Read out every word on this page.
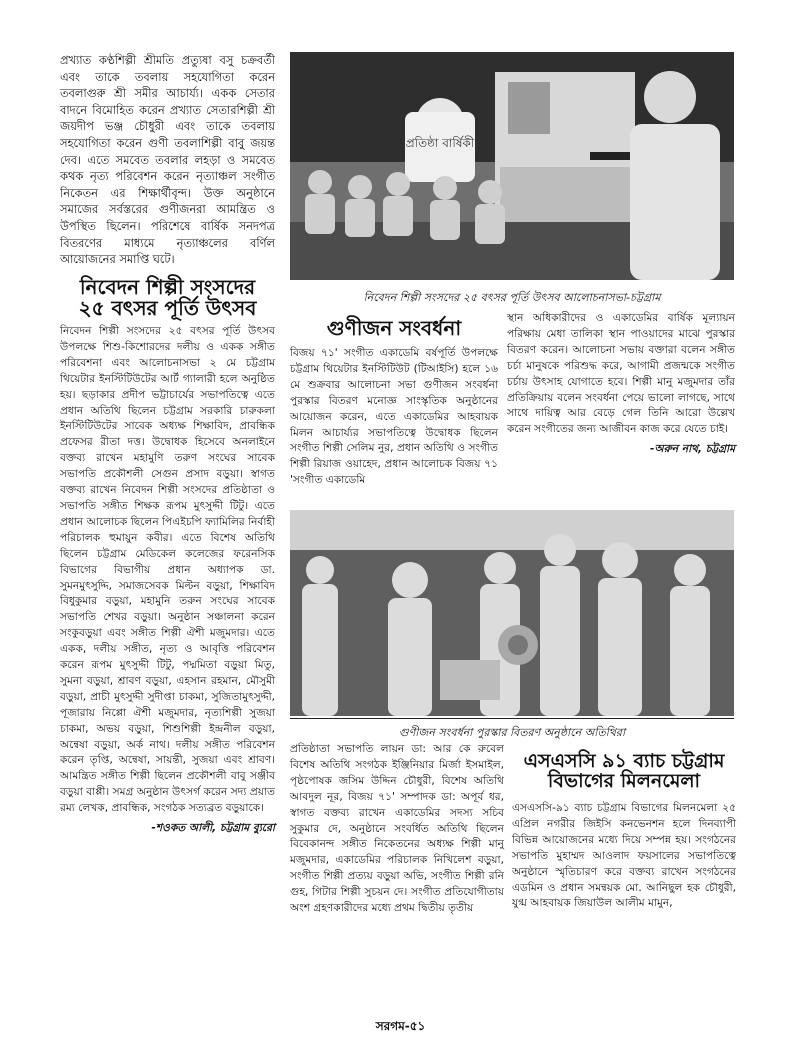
প্রখ্যাত কণ্ঠশিল্পী শ্রীমতি প্রত্যুষা বসু চক্রবর্তী এবং তাকে তবলায় সহযোগিতা করেন তবলাগুরু শ্রী সমীর আচার্য্য। একক সেতার বাদনে বিমোহিত করেন প্রখ্যাত সেতারশিল্পী শ্রী জয়দীপ ভঞ্জ চৌধুরী এবং তাকে তবলায় সহযোগিতা করেন গুণী তবলাশিল্পী বাবু জয়ন্ত দেব। এতে সমবেত তবলার লহড়া ও সমবেত কথক নৃত্য পরিবেশন করেন নৃত্যাঞ্চল সংগীত নিকেতন এর শিক্ষার্থীবৃন্দ। উক্ত অনুষ্ঠানে সমাজের সর্বস্তরের গুণীজনরা আমন্ত্রিত ও উপস্থিত ছিলেন। পরিশেষে বার্ষিক সনদপত্র বিতরণের মাধ্যমে নৃত্যাঞ্চলের বর্ণিল আয়োজনের সমাপ্তি ঘটে।

নিবেদন শিল্পী সংসদের
২৫ বৎসর পূর্তি উৎসব

নিবেদন শিল্পী সংসদের ২৫ বৎসর পূর্তি উৎসব উপলক্ষে শিশু-কিশোরদের দলীয় ও একক সঙ্গীত পরিবেশনা এবং আলোচনাসভা ২ মে চট্টগ্রাম থিয়েটার ইনস্টিটিউটের আর্ট গ্যালারী হলে অনুষ্ঠিত হয়। ছড়াকার প্রদীপ ভট্টাচার্যের সভাপতিত্বে এতে প্রধান অতিথি ছিলেন চট্টগ্রাম সরকারি চারুকলা ইনস্টিটিউটের সাবেক অধ্যক্ষ শিক্ষাবিদ, প্রাবন্ধিক প্রফেসর রীতা দত্ত। উদ্বোধক হিসেবে অনলাইনে বক্তব্য রাখেন মহামুণি তরুণ সংঘের সাবেক সভাপতি প্রকৌশলী সেগুন প্রসাদ বড়ুয়া। স্বাগত বক্তব্য রাখেন নিবেদন শিল্পী সংসদের প্রতিষ্ঠাতা ও সভাপতি সঙ্গীত শিক্ষক রূপম মুৎসুদ্দী টিটু। এতে প্রধান আলোচক ছিলেন পিএইচপি ফ্যামিলির নির্বাহী পরিচালক হুমায়ুন কবীর। এতে বিশেষ অতিথি ছিলেন চট্টগ্রাম মেডিকেল কলেজের ফরেনসিক বিভাগের বিভাগীয় প্রধান অধ্যাপক ডা. সুমনমুৎসুদ্দি, সমাজসেবক মিল্টন বড়ুয়া, শিক্ষাবিদ বিধুকুমার বড়ুয়া, মহামুনি তরুন সংঘের সাবেক সভাপতি শেখর বড়ুয়া। অনুষ্ঠান সঞ্চালনা করেন সংকুবড়ুয়া এবং সঙ্গীত শিল্পী ঐশী মজুমদার। এতে একক, দলীয় সঙ্গীত, নৃত্য ও আবৃত্তি পরিবেশন করেন রূপম মুৎসুদ্দী টিটু, পদ্মমিতা বড়ুয়া মিতু, সুমনা বড়ুয়া, শ্রাবণ বড়ুয়া, এহসান রহমান, মৌসুমী বড়ুয়া, প্রাচী মুৎসুদ্দী সুদীপ্তা চাকমা, সুজিতামুৎসুদ্দী, পূজারায় নিপ্পো ঐশী মজুমদার, নৃত্যশিল্পী সুজয়া চাকমা, অভয় বড়ুয়া, শিশুশিল্পী ইন্দ্রনীল বড়ুয়া, অন্বেষা বড়ুয়া, অর্ক নাথ। দলীয় সঙ্গীত পরিবেশন করেন তৃপ্তি, অন্বেষা, সায়ন্তী, সুজয়া এবং শ্রাবণ। আমন্ত্রিত সঙ্গীত শিল্পী ছিলেন প্রকৌশলী বাবু সঞ্জীব বড়ুয়া বাপ্পী। সমগ্র অনুষ্ঠান উৎসর্গ করেন সদ্য প্রয়াত রম্য লেখক, প্রাবন্ধিক, সংগঠক সত্যব্রত বড়ুয়াকে।

-শওকত আলী, চট্টগ্রাম ব্যুরো

প্রতিষ্ঠা বার্ষিকী
নিবেদন শিল্পী সংসদের ২৫ বৎসর পূর্তি উৎসব আলোচনাসভা-চট্টগ্রাম
গুণীজন সংবর্ধনা

বিজয় ৭১' সংগীত একাডেমি বর্ষপূর্তি উপলক্ষে চট্টগ্রাম থিয়েটার ইনস্টিটিউট (টিআইসি) হলে ১৬ মে শুক্রবার আলোচনা সভা গুণীজন সংবর্ধনা পুরস্কার বিতরণ মনোজ্ঞ সাংস্কৃতিক অনুষ্ঠানের আয়োজন করেন, এতে একাডেমির আহবায়ক মিলন আচার্য্যর সভাপতিত্বে উদ্বোধক ছিলেন সংগীত শিল্পী সেলিম নুর, প্রধান অতিথি ও সংগীত শিল্পী রিয়াজ ওয়াহেদ, প্রধান আলোচক বিজয় ৭১ 'সংগীত একাডেমি

স্থান অধিকারীদের ও একাডেমির বার্ষিক মূল্যায়ন পরিক্ষায় মেধা তালিকা স্থান পাওয়াদের মাঝে পুরস্কার বিতরণ করেন। আলোচনা সভায় বক্তারা বলেন সঙ্গীত চর্চা মানুষকে পরিশুদ্ধ করে, আগামী প্রজন্মকে সংগীত চর্চায় উৎসাহ যোগাতে হবে। শিল্পী মানু মজুমদার তাঁর প্রতিক্রিয়ায় বলেন সংবর্ধনা পেয়ে ভালো লাগছে, সাথে সাথে দায়িত্ব আর বেড়ে গেল তিনি আরো উল্লেখ করেন সংগীতের জন্য আজীবন কাজ করে যেতে চাই।

-অরুন নাথ, চট্টগ্রাম

গুণীজন সংবর্ধনা পুরস্কার বিতরণ অনুষ্ঠানে অতিথিরা

প্রতিষ্ঠাতা সভাপতি লায়ন ডা: আর কে রুবেল বিশেষ অতিথি সংগঠক ইঞ্জিনিয়ার মির্জা ইসমাইল, পৃষ্ঠপোষক জসিম উদ্দিন চৌধুরী, বিশেষ অতিথি আবদুল নূর, বিজয় ৭১' সম্পাদক ডা: অপূর্ব ধর, স্বাগত বক্তব্য রাখেন একাডেমির সদস্য সচিব সুকুমার দে, অনুষ্ঠানে সংবর্ধিত অতিথি ছিলেন বিবেকানন্দ সঙ্গীত নিকেতনের অধ্যক্ষ শিল্পী মানু মজুমদার, একাডেমির পরিচালক নিখিলেশ বড়ুয়া, সংগীত শিল্পী প্রত্যয় বড়ুয়া অভি, সংগীত শিল্পী রনি গুহ, গিটার শিল্পী সুচয়ন দে। সংগীত প্রতিযোগীতায় অংশ গ্রহণকারীদের মধ্যে প্রথম দ্বিতীয় তৃতীয়

এসএসসি ৯১ ব্যাচ চট্টগ্রাম
বিভাগের মিলনমেলা

এসএসসি-৯১ ব্যাচ চট্টগ্রাম বিভাগের মিলনমেলা ২৫ এপ্রিল নগরীর জিইসি কনভেনশন হলে দিনব্যাপী বিভিন্ন আয়োজনের মধ্যে দিয়ে সম্পন্ন হয়। সংগঠনের সভাপতি মুহাম্মদ আওলাদ ফয়সালের সভাপতিত্বে অনুষ্ঠানে স্মৃতিচারণ করে বক্তব্য রাখেন সংগঠনের এডমিন ও প্রধান সমন্বয়ক মো. আনিছুল হক চৌধুরী, যুগ্ম আহবায়ক জিয়াউল আলীম মামুন,

সরগম-৫১
